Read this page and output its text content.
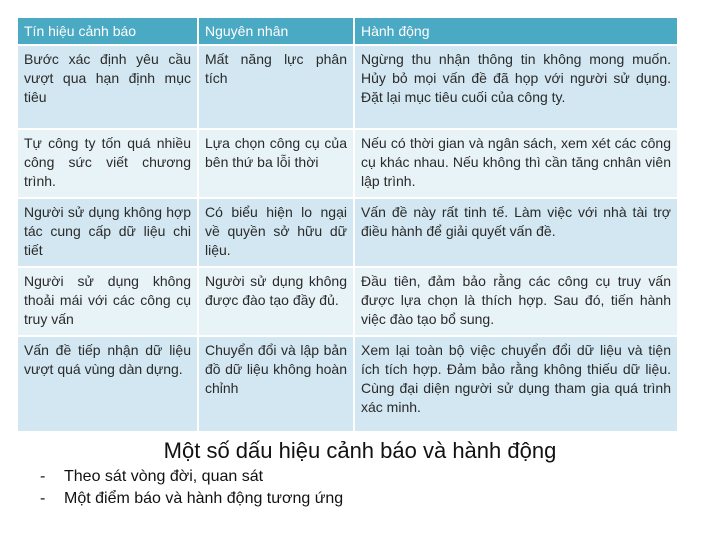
Tín hiệu cảnh báo	Nguyên nhân	Hành động
Bước xác định yêu cầu vượt qua hạn định mục tiêu	Mất năng lực phân tích	Ngừng thu nhận thông tin không mong muốn. Hủy bỏ mọi vấn đề đã họp với người sử dụng. Đặt lại mục tiêu cuối của công ty.
Tự công ty tốn quá nhiều công sức viết chương trình.	Lựa chọn công cụ của bên thứ ba lỗi thời	Nếu có thời gian và ngân sách, xem xét các công cụ khác nhau. Nếu không thì cần tăng cnhân viên lập trình.
Người sử dụng không hợp tác cung cấp dữ liệu chi tiết	Có biểu hiện lo ngại về quyền sở hữu dữ liệu.	Vấn đề này rất tinh tế. Làm việc với nhà tài trợ điều hành để giải quyết vấn đề.
Người sử dụng không thoải mái với các công cụ truy vấn	Người sử dụng không được đào tạo đầy đủ.	Đầu tiên, đảm bảo rằng các công cụ truy vấn được lựa chọn là thích hợp. Sau đó, tiến hành việc đào tạo bổ sung.
Vấn đề tiếp nhận dữ liệu vượt quá vùng dàn dựng.	Chuyển đổi và lập bản đồ dữ liệu không hoàn chỉnh	Xem lại toàn bộ việc chuyển đổi dữ liệu và tiện ích tích hợp. Đảm bảo rằng không thiếu dữ liệu. Cùng đại diện người sử dụng tham gia quá trình xác minh.
Một số dấu hiệu cảnh báo và hành động
-	Theo sát vòng đời, quan sát
-	Một điểm báo và hành động tương ứng
